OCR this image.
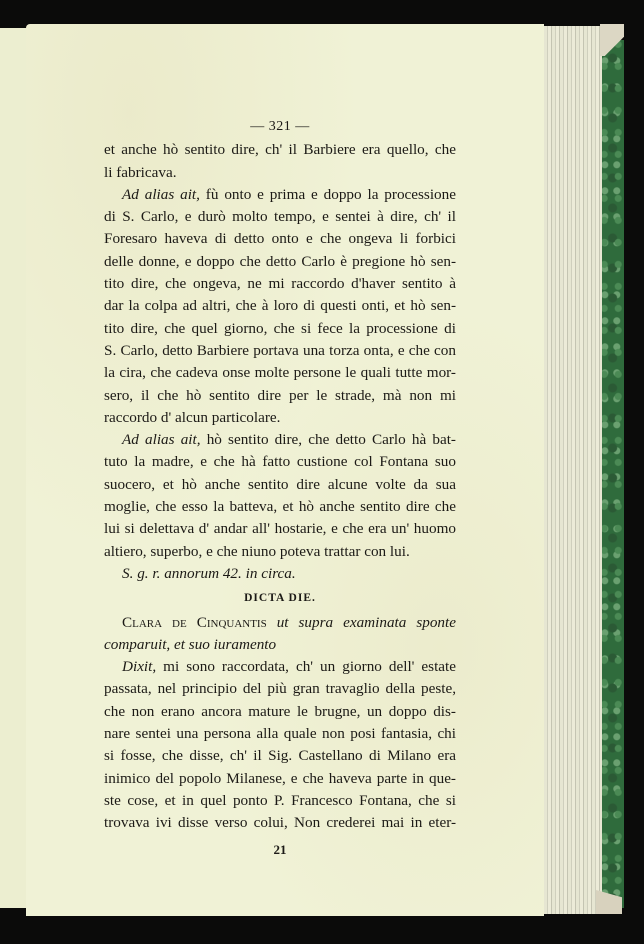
— 321 —
et anche hò sentito dire, ch' il Barbiere era quello, che
li fabricava.
Ad alias ait, fù onto e prima e doppo la processione
di S. Carlo, e durò molto tempo, e sentei à dire, ch' il
Foresaro haveva di detto onto e che ongeva li forbici
delle donne, e doppo che detto Carlo è pregione hò sen-
tito dire, che ongeva, ne mi raccordo d'haver sentito à
dar la colpa ad altri, che à loro di questi onti, et hò sen-
tito dire, che quel giorno, che si fece la processione di
S. Carlo, detto Barbiere portava una torza onta, e che con
la cira, che cadeva onse molte persone le quali tutte mor-
sero, il che hò sentito dire per le strade, mà non mi
raccordo d' alcun particolare.
Ad alias ait, hò sentito dire, che detto Carlo hà bat-
tuto la madre, e che hà fatto custione col Fontana suo
suocero, et hò anche sentito dire alcune volte da sua
moglie, che esso la batteva, et hò anche sentito dire che
lui si delettava d' andar all' hostarie, e che era un' huomo
altiero, superbo, e che niuno poteva trattar con lui.
S. g. r. annorum 42. in circa.
DICTA DIE.
Clara de Cinquantis ut supra examinata sponte
comparuit, et suo iuramento
Dixit, mi sono raccordata, ch' un giorno dell' estate
passata, nel principio del più gran travaglio della peste,
che non erano ancora mature le brugne, un doppo dis-
nare sentei una persona alla quale non posi fantasia, chi
si fosse, che disse, ch' il Sig. Castellano di Milano era
inimico del popolo Milanese, e che haveva parte in que-
ste cose, et in quel ponto P. Francesco Fontana, che si
trovava ivi disse verso colui, Non crederei mai in eter-
21
